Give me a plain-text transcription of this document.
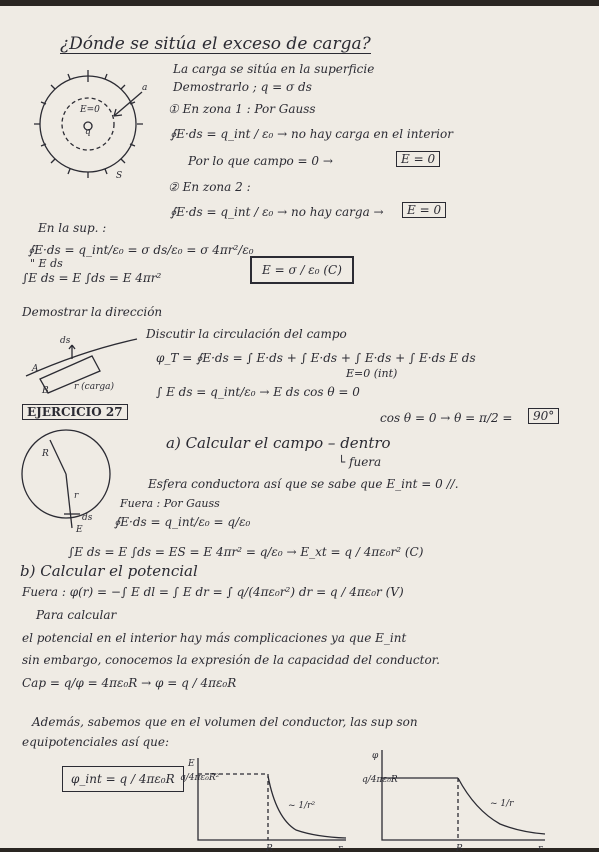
¿Dónde se sitúa el exceso de carga?
a
S
E=0
q
La carga se sitúa en la superficie
Demostrarlo ; q = σ ds
① En zona 1 : Por Gauss
∮E·ds = q_int / ε₀ → no hay carga en el interior
Por lo que campo = 0 →	E = 0
② En zona 2 :
∮E·ds = q_int / ε₀ → no hay carga →	E = 0
En la sup. :
∮E·ds = q_int/ε₀ = σ ds/ε₀ = σ 4πr²/ε₀
" E ds
∫E ds = E ∫ds = E 4πr²
E = σ / ε₀ (C)
Demostrar la dirección
Discutir la circulación del campo
φ_T = ∮E·ds = ∫ E·ds + ∫ E·ds + ∫ E·ds + ∫ E·ds E ds
E=0 (int)
∫ E ds = q_int/ε₀ → E ds cos θ = 0
cos θ = 0 → θ = π/2 =	90°
A
B
ds
r (carga)
EJERCICIO 27
R
r
ds
E
a) Calcular el campo – dentro
└ fuera
Esfera conductora así que se sabe que E_int = 0 //.
Fuera : Por Gauss
∮E·ds = q_int/ε₀ = q/ε₀
∫E ds = E ∫ds = ES = E 4πr² = q/ε₀ → E_xt = q / 4πε₀r² (C)
b) Calcular el potencial
Fuera : φ(r) = −∫ E dl = ∫ E dr = ∫ q/(4πε₀r²) dr = q / 4πε₀r (V)
Para calcular
el potencial en el interior hay más complicaciones ya que E_int
sin embargo, conocemos la expresión de la capacidad del conductor.
Cap = q/φ = 4πε₀R → φ = q / 4πε₀R
Además, sabemos que en el volumen del conductor, las sup son
equipotenciales así que:
φ_int = q / 4πε₀R
E
q/4πε₀R²
R	r
~ 1/r²
φ
q/4πε₀R
R	r
~ 1/r
